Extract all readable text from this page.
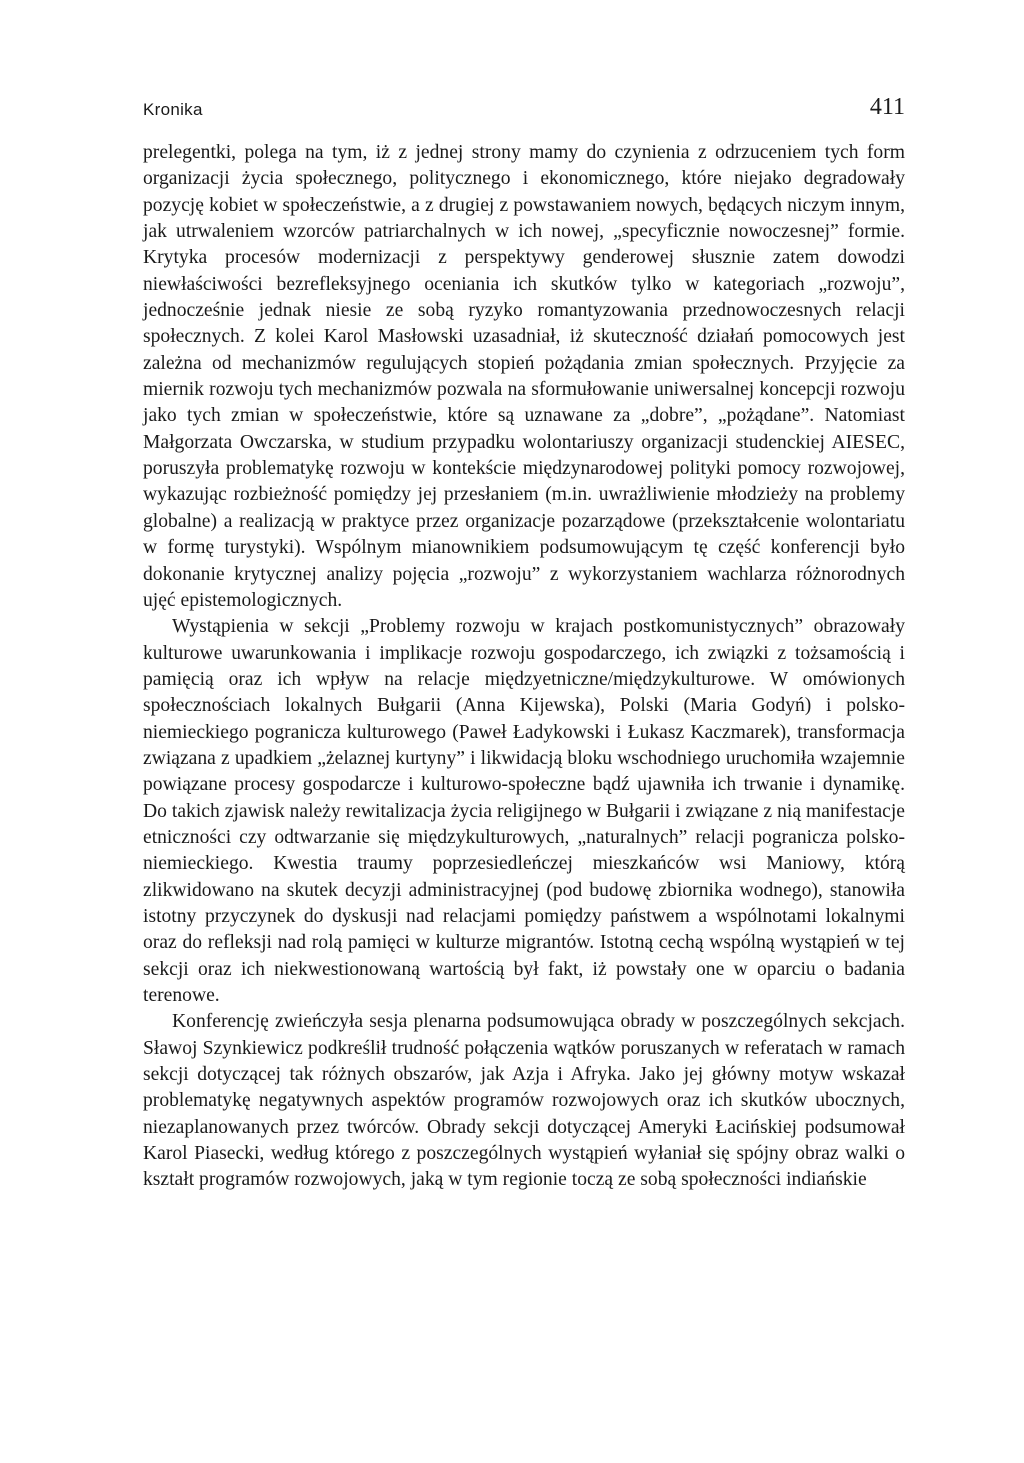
Kronika	411

prelegentki, polega na tym, iż z jednej strony mamy do czynienia z odrzuceniem tych form organizacji życia społecznego, politycznego i ekonomicznego, które niejako degradowały pozycję kobiet w społeczeństwie, a z drugiej z powstawaniem nowych, będących niczym innym, jak utrwaleniem wzorców patriarchalnych w ich nowej, „specyficznie nowoczesnej” formie. Krytyka procesów modernizacji z perspektywy genderowej słusznie zatem dowodzi niewłaściwości bezrefleksyjnego oceniania ich skutków tylko w kategoriach „rozwoju”, jednocześnie jednak niesie ze sobą ryzyko romantyzowania przednowoczesnych relacji społecznych. Z kolei Karol Masłowski uzasadniał, iż skuteczność działań pomocowych jest zależna od mechanizmów regulujących stopień pożądania zmian społecznych. Przyjęcie za miernik rozwoju tych mechanizmów pozwala na sformułowanie uniwersalnej koncepcji rozwoju jako tych zmian w społeczeństwie, które są uznawane za „dobre”, „pożądane”. Natomiast Małgorzata Owczarska, w studium przypadku wolontariuszy organizacji studenckiej AIESEC, poruszyła problematykę rozwoju w kontekście międzynarodowej polityki pomocy rozwojowej, wykazując rozbieżność pomiędzy jej przesłaniem (m.in. uwrażliwienie młodzieży na problemy globalne) a realizacją w praktyce przez organizacje pozarządowe (przekształcenie wolontariatu w formę turystyki). Wspólnym mianownikiem podsumowującym tę część konferencji było dokonanie krytycznej analizy pojęcia „rozwoju” z wykorzystaniem wachlarza różnorodnych ujęć epistemologicznych.

Wystąpienia w sekcji „Problemy rozwoju w krajach postkomunistycznych” obrazowały kulturowe uwarunkowania i implikacje rozwoju gospodarczego, ich związki z tożsamością i pamięcią oraz ich wpływ na relacje międzyetniczne/międzykulturowe. W omówionych społecznościach lokalnych Bułgarii (Anna Kijewska), Polski (Maria Godyń) i polsko-niemieckiego pogranicza kulturowego (Paweł Ładykowski i Łukasz Kaczmarek), transformacja związana z upadkiem „żelaznej kurtyny” i likwidacją bloku wschodniego uruchomiła wzajemnie powiązane procesy gospodarcze i kulturowo-społeczne bądź ujawniła ich trwanie i dynamikę. Do takich zjawisk należy rewitalizacja życia religijnego w Bułgarii i związane z nią manifestacje etniczności czy odtwarzanie się międzykulturowych, „naturalnych” relacji pogranicza polsko-niemieckiego. Kwestia traumy poprzesiedleńczej mieszkańców wsi Maniowy, którą zlikwidowano na skutek decyzji administracyjnej (pod budowę zbiornika wodnego), stanowiła istotny przyczynek do dyskusji nad relacjami pomiędzy państwem a wspólnotami lokalnymi oraz do refleksji nad rolą pamięci w kulturze migrantów. Istotną cechą wspólną wystąpień w tej sekcji oraz ich niekwestionowaną wartością był fakt, iż powstały one w oparciu o badania terenowe.

Konferencję zwieńczyła sesja plenarna podsumowująca obrady w poszczególnych sekcjach. Sławoj Szynkiewicz podkreślił trudność połączenia wątków poruszanych w referatach w ramach sekcji dotyczącej tak różnych obszarów, jak Azja i Afryka. Jako jej główny motyw wskazał problematykę negatywnych aspektów programów rozwojowych oraz ich skutków ubocznych, niezaplanowanych przez twórców. Obrady sekcji dotyczącej Ameryki Łacińskiej podsumował Karol Piasecki, według którego z poszczególnych wystąpień wyłaniał się spójny obraz walki o kształt programów rozwojowych, jaką w tym regionie toczą ze sobą społeczności indiańskie
